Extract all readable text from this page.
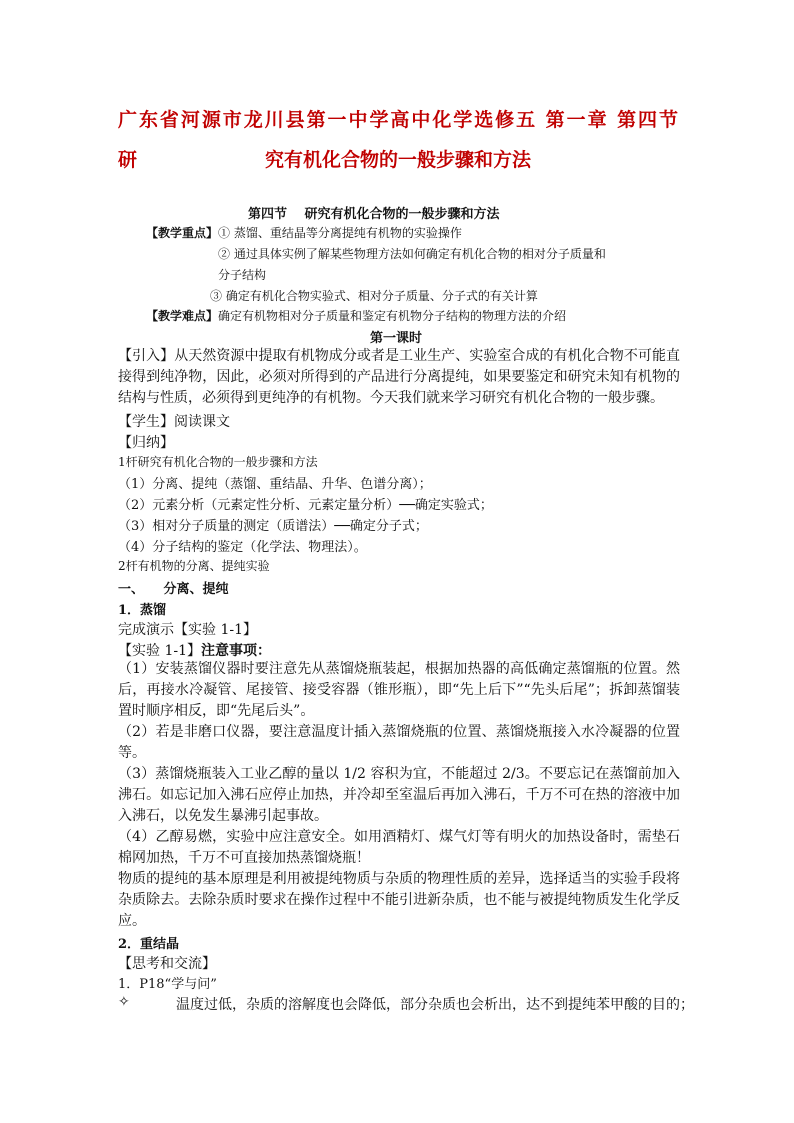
广东省河源市龙川县第一中学高中化学选修五 第一章 第四节　　研	究有机化合物的一般步骤和方法
第四节　 研究有机化合物的一般步骤和方法
【教学重点】① 蒸馏、重结晶等分离提纯有机物的实验操作
② 通过具体实例了解某些物理方法如何确定有机化合物的相对分子质量和
分子结构
③ 确定有机化合物实验式、相对分子质量、分子式的有关计算
【教学难点】确定有机物相对分子质量和鉴定有机物分子结构的物理方法的介绍
第一课时
【引入】从天然资源中提取有机物成分或者是工业生产、实验室合成的有机化合物不可能直接得到纯净物，因此，必须对所得到的产品进行分离提纯，如果要鉴定和研究未知有机物的结构与性质，必须得到更纯净的有机物。今天我们就来学习研究有机化合物的一般步骤。
【学生】阅读课文
【归纳】
1杆研究有机化合物的一般步骤和方法
（1）分离、提纯（蒸馏、重结晶、升华、色谱分离）；
（2）元素分析（元素定性分析、元素定量分析）──确定实验式；
（3）相对分子质量的测定（质谱法）──确定分子式；
（4）分子结构的鉴定（化学法、物理法）。
2杆有机物的分离、提纯实验
一、　　分离、提纯
1．蒸馏
完成演示【实验 1-1】
【实验 1-1】注意事项：
（1）安装蒸馏仪器时要注意先从蒸馏烧瓶装起，根据加热器的高低确定蒸馏瓶的位置。然后，再接水冷凝管、尾接管、接受容器（锥形瓶），即“先上后下”“先头后尾”；拆卸蒸馏装置时顺序相反，即“先尾后头”。
（2）若是非磨口仪器，要注意温度计插入蒸馏烧瓶的位置、蒸馏烧瓶接入水冷凝器的位置等。
（3）蒸馏烧瓶装入工业乙醇的量以 1/2 容积为宜，不能超过 2/3。不要忘记在蒸馏前加入沸石。如忘记加入沸石应停止加热，并冷却至室温后再加入沸石，千万不可在热的溶液中加入沸石，以免发生暴沸引起事故。
（4）乙醇易燃，实验中应注意安全。如用酒精灯、煤气灯等有明火的加热设备时，需垫石棉网加热，千万不可直接加热蒸馏烧瓶！
物质的提纯的基本原理是利用被提纯物质与杂质的物理性质的差异，选择适当的实验手段将杂质除去。去除杂质时要求在操作过程中不能引进新杂质，也不能与被提纯物质发生化学反应。
2．重结晶
【思考和交流】
1．P18“学与问”
✧	温度过低，杂质的溶解度也会降低，部分杂质也会析出，达不到提纯苯甲酸的目的；
